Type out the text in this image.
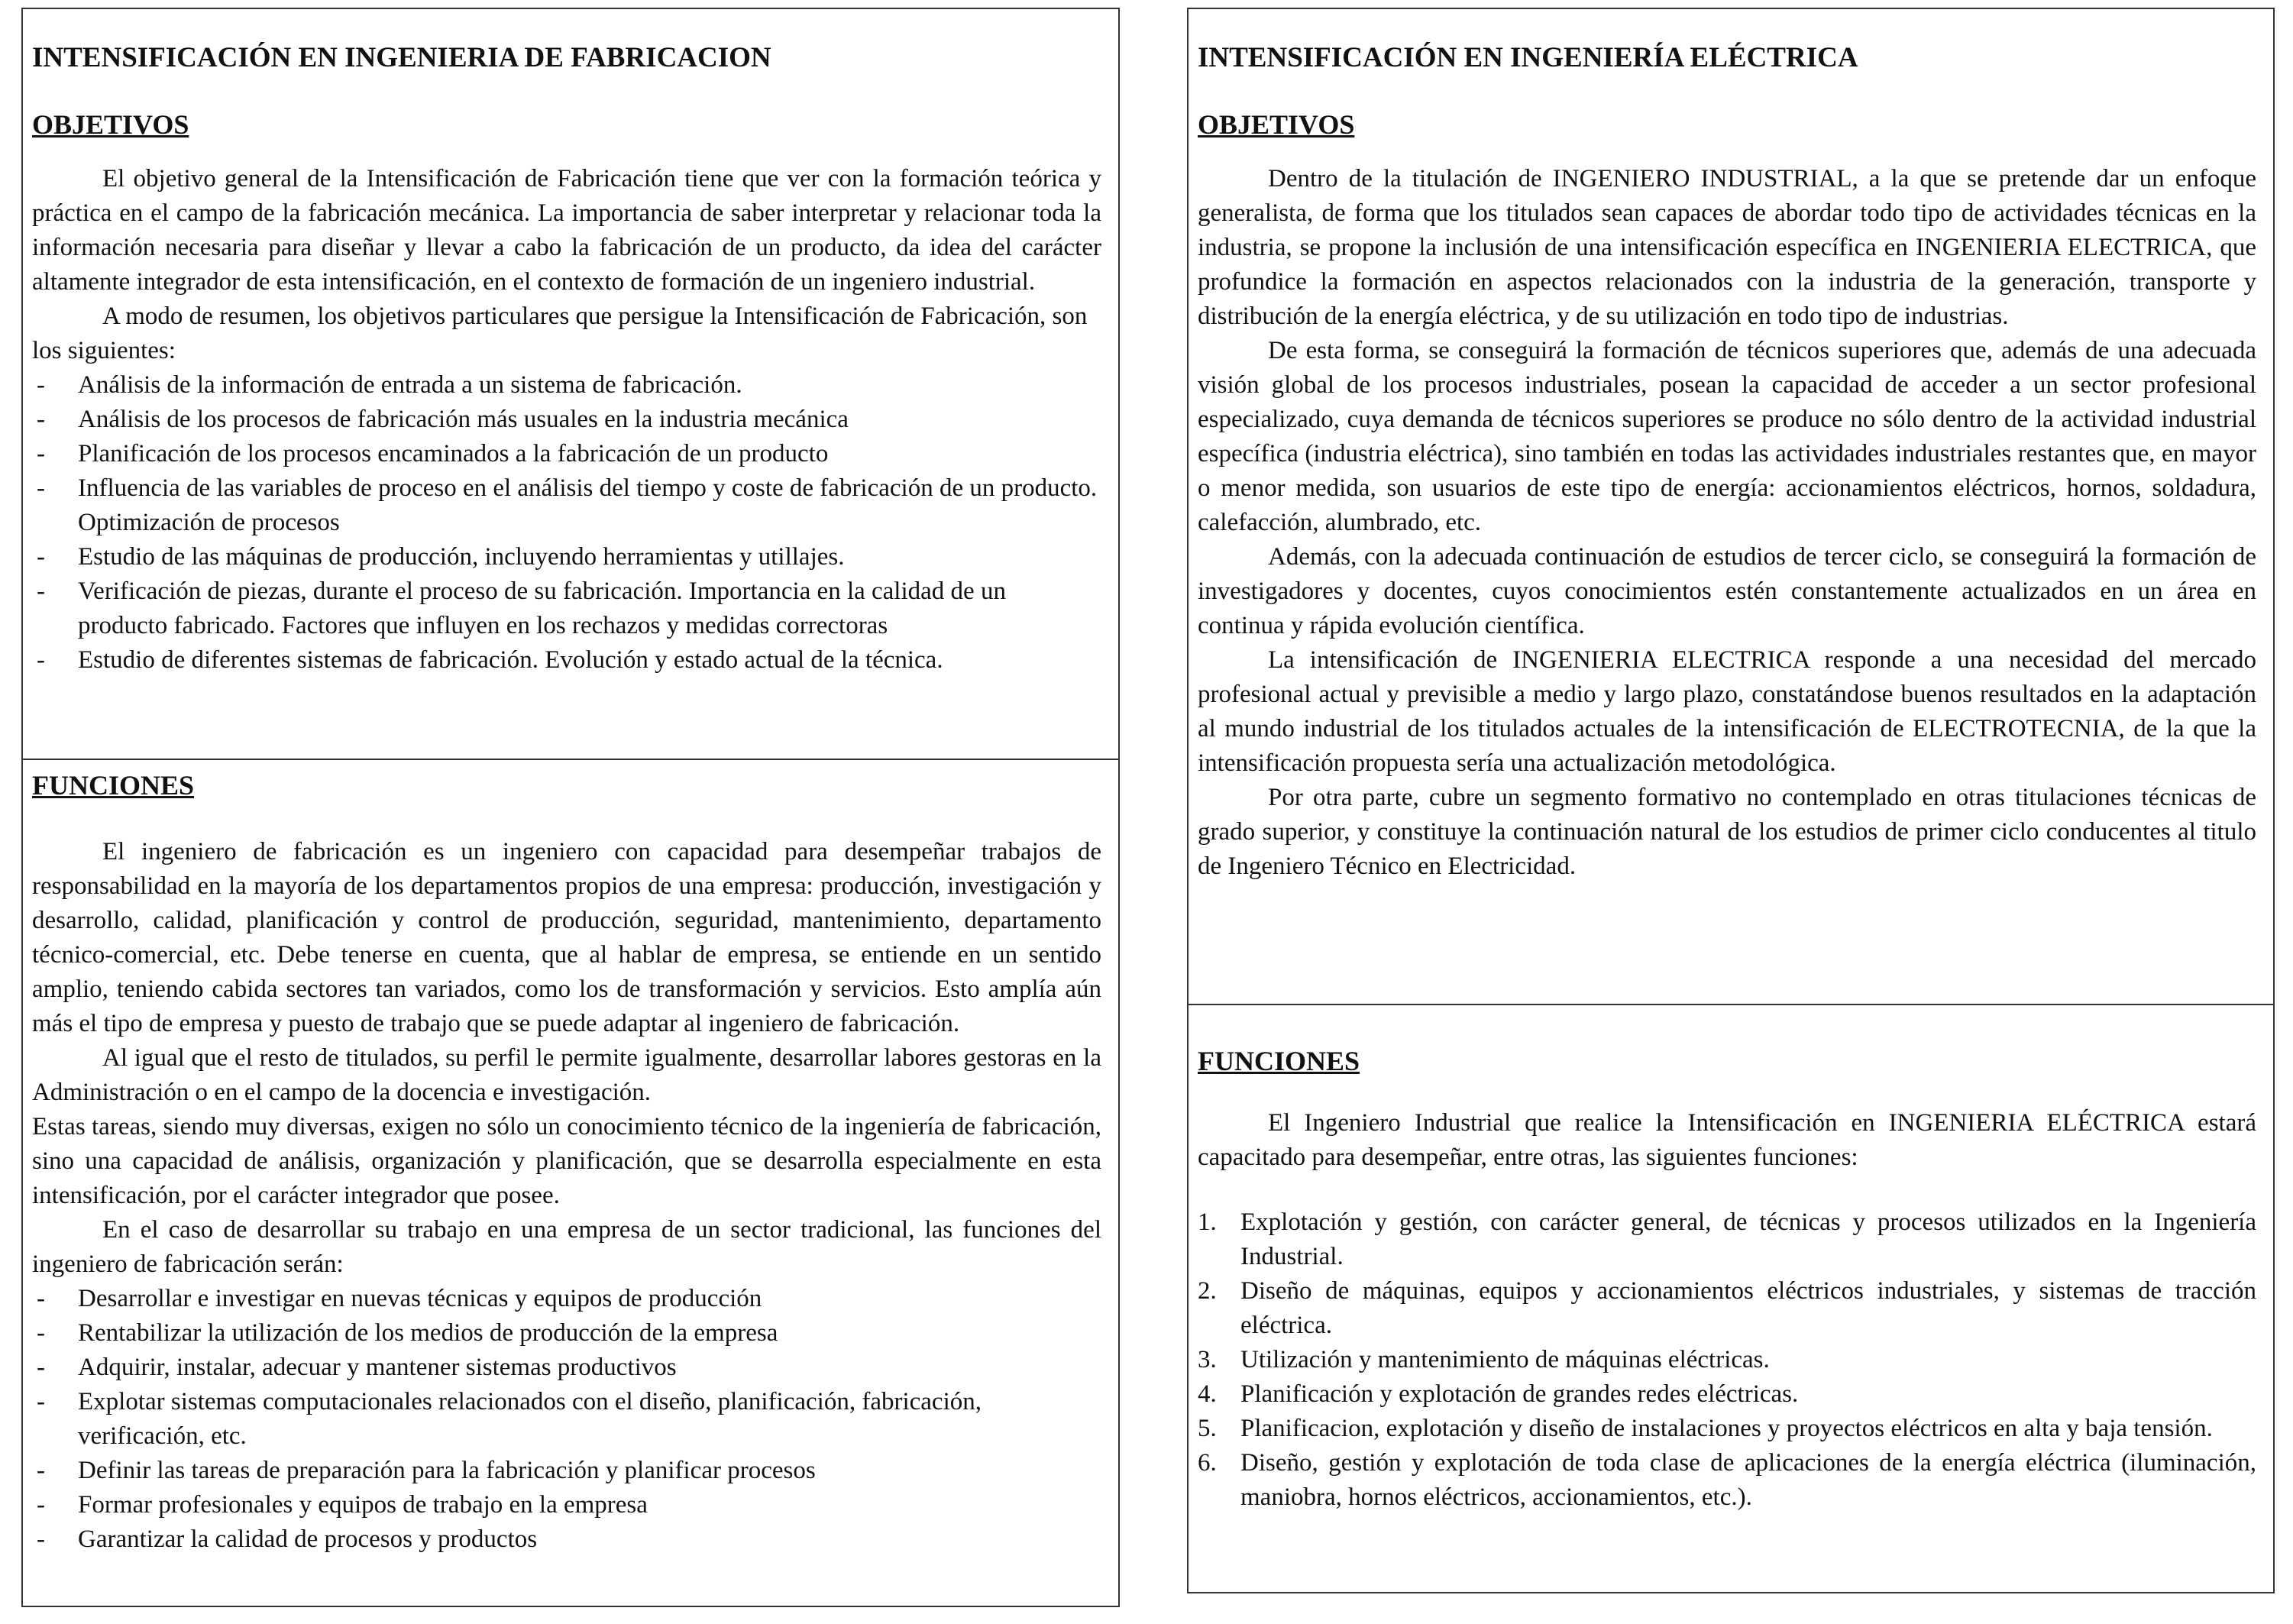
INTENSIFICACIÓN EN INGENIERIA DE FABRICACION
OBJETIVOS

El objetivo general de la Intensificación de Fabricación tiene que ver con la formación teórica y práctica en el campo de la fabricación mecánica. La importancia de saber interpretar y relacionar toda la información necesaria para diseñar y llevar a cabo la fabricación de un producto, da idea del carácter altamente integrador de esta intensificación, en el contexto de formación de un ingeniero industrial.

A modo de resumen, los objetivos particulares que persigue la Intensificación de Fabricación, son los siguientes:

- Análisis de la información de entrada a un sistema de fabricación.
- Análisis de los procesos de fabricación más usuales en la industria mecánica
- Planificación de los procesos encaminados a la fabricación de un producto
- Influencia de las variables de proceso en el análisis del tiempo y coste de fabricación de un producto. Optimización de procesos
- Estudio de las máquinas de producción, incluyendo herramientas y utillajes.
- Verificación de piezas, durante el proceso de su fabricación. Importancia en la calidad de un producto fabricado. Factores que influyen en los rechazos y medidas correctoras
- Estudio de diferentes sistemas de fabricación. Evolución y estado actual de la técnica.
FUNCIONES

El ingeniero de fabricación es un ingeniero con capacidad para desempeñar trabajos de responsabilidad en la mayoría de los departamentos propios de una empresa: producción, investigación y desarrollo, calidad, planificación y control de producción, seguridad, mantenimiento, departamento técnico-comercial, etc. Debe tenerse en cuenta, que al hablar de empresa, se entiende en un sentido amplio, teniendo cabida sectores tan variados, como los de transformación y servicios. Esto amplía aún más el tipo de empresa y puesto de trabajo que se puede adaptar al ingeniero de fabricación.

Al igual que el resto de titulados, su perfil le permite igualmente, desarrollar labores gestoras en la Administración o en el campo de la docencia e investigación.

Estas tareas, siendo muy diversas, exigen no sólo un conocimiento técnico de la ingeniería de fabricación, sino una capacidad de análisis, organización y planificación, que se desarrolla especialmente en esta intensificación, por el carácter integrador que posee.

En el caso de desarrollar su trabajo en una empresa de un sector tradicional, las funciones del ingeniero de fabricación serán:

- Desarrollar e investigar en nuevas técnicas y equipos de producción
- Rentabilizar la utilización de los medios de producción de la empresa
- Adquirir, instalar, adecuar y mantener sistemas productivos
- Explotar sistemas computacionales relacionados con el diseño, planificación, fabricación, verificación, etc.
- Definir las tareas de preparación para la fabricación y planificar procesos
- Formar profesionales y equipos de trabajo en la empresa
- Garantizar la calidad de procesos y productos
INTENSIFICACIÓN EN INGENIERÍA ELÉCTRICA
OBJETIVOS

Dentro de la titulación de INGENIERO INDUSTRIAL, a la que se pretende dar un enfoque generalista, de forma que los titulados sean capaces de abordar todo tipo de actividades técnicas en la industria, se propone la inclusión de una intensificación específica en INGENIERIA ELECTRICA, que profundice la formación en aspectos relacionados con la industria de la generación, transporte y distribución de la energía eléctrica, y de su utilización en todo tipo de industrias.

De esta forma, se conseguirá la formación de técnicos superiores que, además de una adecuada visión global de los procesos industriales, posean la capacidad de acceder a un sector profesional especializado, cuya demanda de técnicos superiores se produce no sólo dentro de la actividad industrial específica (industria eléctrica), sino también en todas las actividades industriales restantes que, en mayor o menor medida, son usuarios de este tipo de energía: accionamientos eléctricos, hornos, soldadura, calefacción, alumbrado, etc.

Además, con la adecuada continuación de estudios de tercer ciclo, se conseguirá la formación de investigadores y docentes, cuyos conocimientos estén constantemente actualizados en un área en continua y rápida evolución científica.

La intensificación de INGENIERIA ELECTRICA responde a una necesidad del mercado profesional actual y previsible a medio y largo plazo, constatándose buenos resultados en la adaptación al mundo industrial de los titulados actuales de la intensificación de ELECTROTECNIA, de la que la intensificación propuesta sería una actualización metodológica.

Por otra parte, cubre un segmento formativo no contemplado en otras titulaciones técnicas de grado superior, y constituye la continuación natural de los estudios de primer ciclo conducentes al titulo de Ingeniero Técnico en Electricidad.

FUNCIONES

El Ingeniero Industrial que realice la Intensificación en INGENIERIA ELÉCTRICA estará capacitado para desempeñar, entre otras, las siguientes funciones:

1. Explotación y gestión, con carácter general, de técnicas y procesos utilizados en la Ingeniería Industrial.
2. Diseño de máquinas, equipos y accionamientos eléctricos industriales, y sistemas de tracción eléctrica.
3. Utilización y mantenimiento de máquinas eléctricas.
4. Planificación y explotación de grandes redes eléctricas.
5. Planificacion, explotación y diseño de instalaciones y proyectos eléctricos en alta y baja tensión.
6. Diseño, gestión y explotación de toda clase de aplicaciones de la energía eléctrica (iluminación, maniobra, hornos eléctricos, accionamientos, etc.).
